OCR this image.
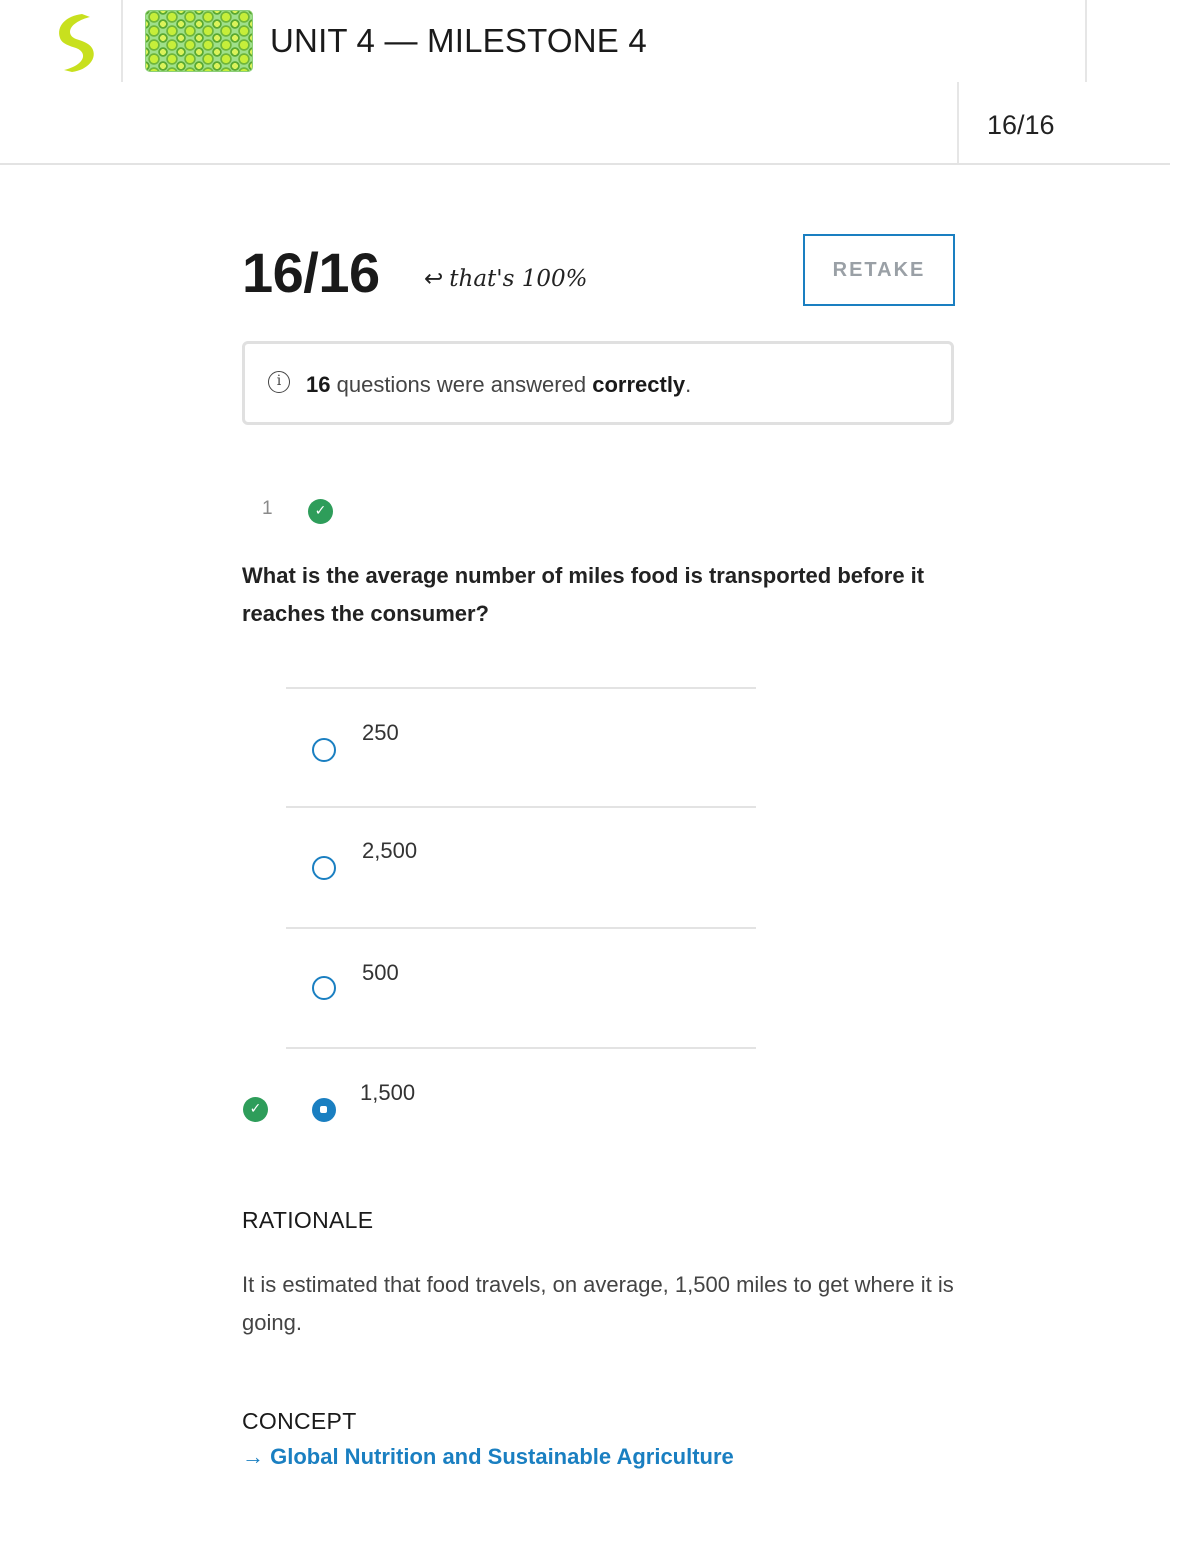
UNIT 4 — MILESTONE 4
16/16
16/16 ↩ that's 100%	RETAKE
i	16 questions were answered correctly.
1	✓
What is the average number of miles food is transported before it reaches the consumer?
250
2,500
500
✓
1,500
RATIONALE
It is estimated that food travels, on average, 1,500 miles to get where it is going.
CONCEPT
→ Global Nutrition and Sustainable Agriculture
